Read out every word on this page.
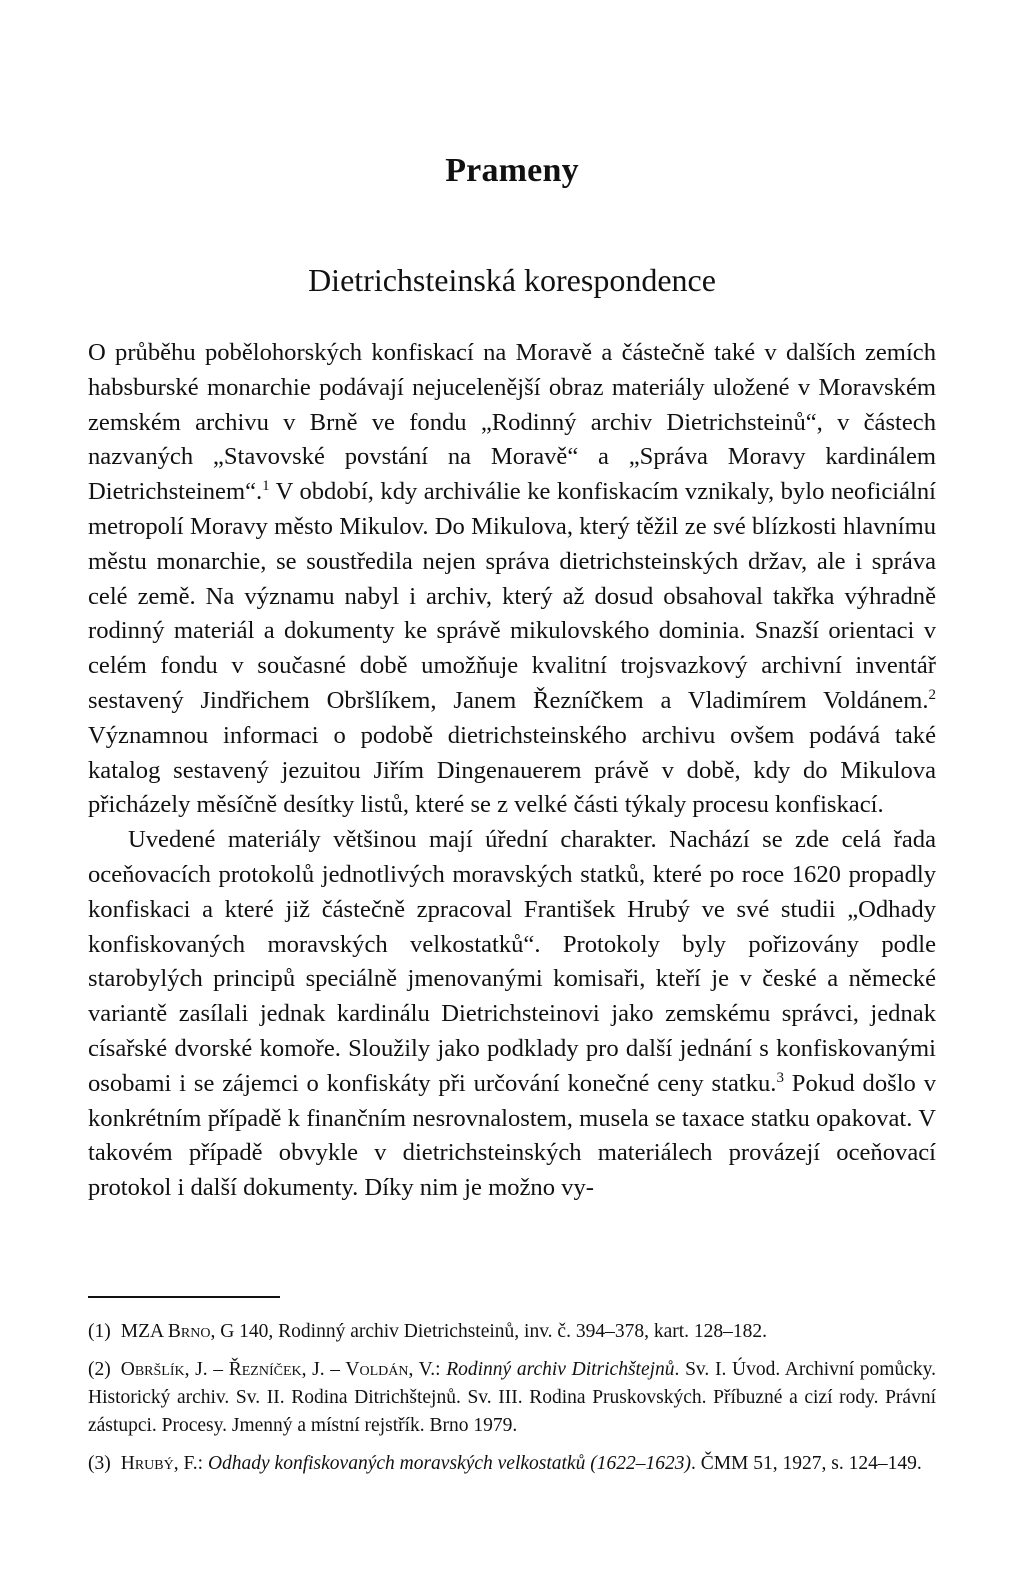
Prameny
Dietrichsteinská korespondence

O průběhu pobělohorských konfiskací na Moravě a částečně také v dalších zemích habsburské monarchie podávají nejucelenější obraz materiály uložené v Moravském zemském archivu v Brně ve fondu „Rodinný archiv Dietrichsteinů“, v částech nazvaných „Stavovské povstání na Moravě“ a „Správa Moravy kardinálem Dietrichsteinem“.$^1$ V období, kdy archiválie ke konfiskacím vznikaly, bylo neoficiální metropolí Moravy město Mikulov. Do Mikulova, který těžil ze své blízkosti hlavnímu městu monarchie, se soustředila nejen správa dietrichsteinských držav, ale i správa celé země. Na významu nabyl i archiv, který až dosud obsahoval takřka výhradně rodinný materiál a dokumenty ke správě mikulovského dominia. Snazší orientaci v celém fondu v současné době umožňuje kvalitní trojsvazkový archivní inventář sestavený Jindřichem Obršlíkem, Janem Řezníčkem a Vladimírem Voldánem.$^2$ Významnou informaci o podobě dietrichsteinského archivu ovšem podává také katalog sestavený jezuitou Jiřím Dingenauerem právě v době, kdy do Mikulova přicházely měsíčně desítky listů, které se z velké části týkaly procesu konfiskací.

Uvedené materiály většinou mají úřední charakter. Nachází se zde celá řada oceňovacích protokolů jednotlivých moravských statků, které po roce 1620 propadly konfiskaci a které již částečně zpracoval František Hrubý ve své studii „Odhady konfiskovaných moravských velkostatků“. Protokoly byly pořizovány podle starobylých principů speciálně jmenovanými komisaři, kteří je v české a německé variantě zasílali jednak kardinálu Dietrichsteinovi jako zemskému správci, jednak císařské dvorské komoře. Sloužily jako podklady pro další jednání s konfiskovanými osobami i se zájemci o konfiskáty při určování konečné ceny statku.$^3$ Pokud došlo v konkrétním případě k finančním nesrovnalostem, musela se taxace statku opakovat. V takovém případě obvykle v dietrichsteinských materiálech provázejí oceňovací protokol i další dokumenty. Díky nim je možno vy-

(1) MZA Brno, G 140, Rodinný archiv Dietrichsteinů, inv. č. 394–378, kart. 128–182.

(2) Obršlík, J. – Řezníček, J. – Voldán, V.: Rodinný archiv Ditrichštejnů. Sv. I. Úvod. Archivní pomůcky. Historický archiv. Sv. II. Rodina Ditrichštejnů. Sv. III. Rodina Pruskovských. Příbuzné a cizí rody. Právní zástupci. Procesy. Jmenný a místní rejstřík. Brno 1979.

(3) Hrubý, F.: Odhady konfiskovaných moravských velkostatků (1622–1623). ČMM 51, 1927, s. 124–149.
